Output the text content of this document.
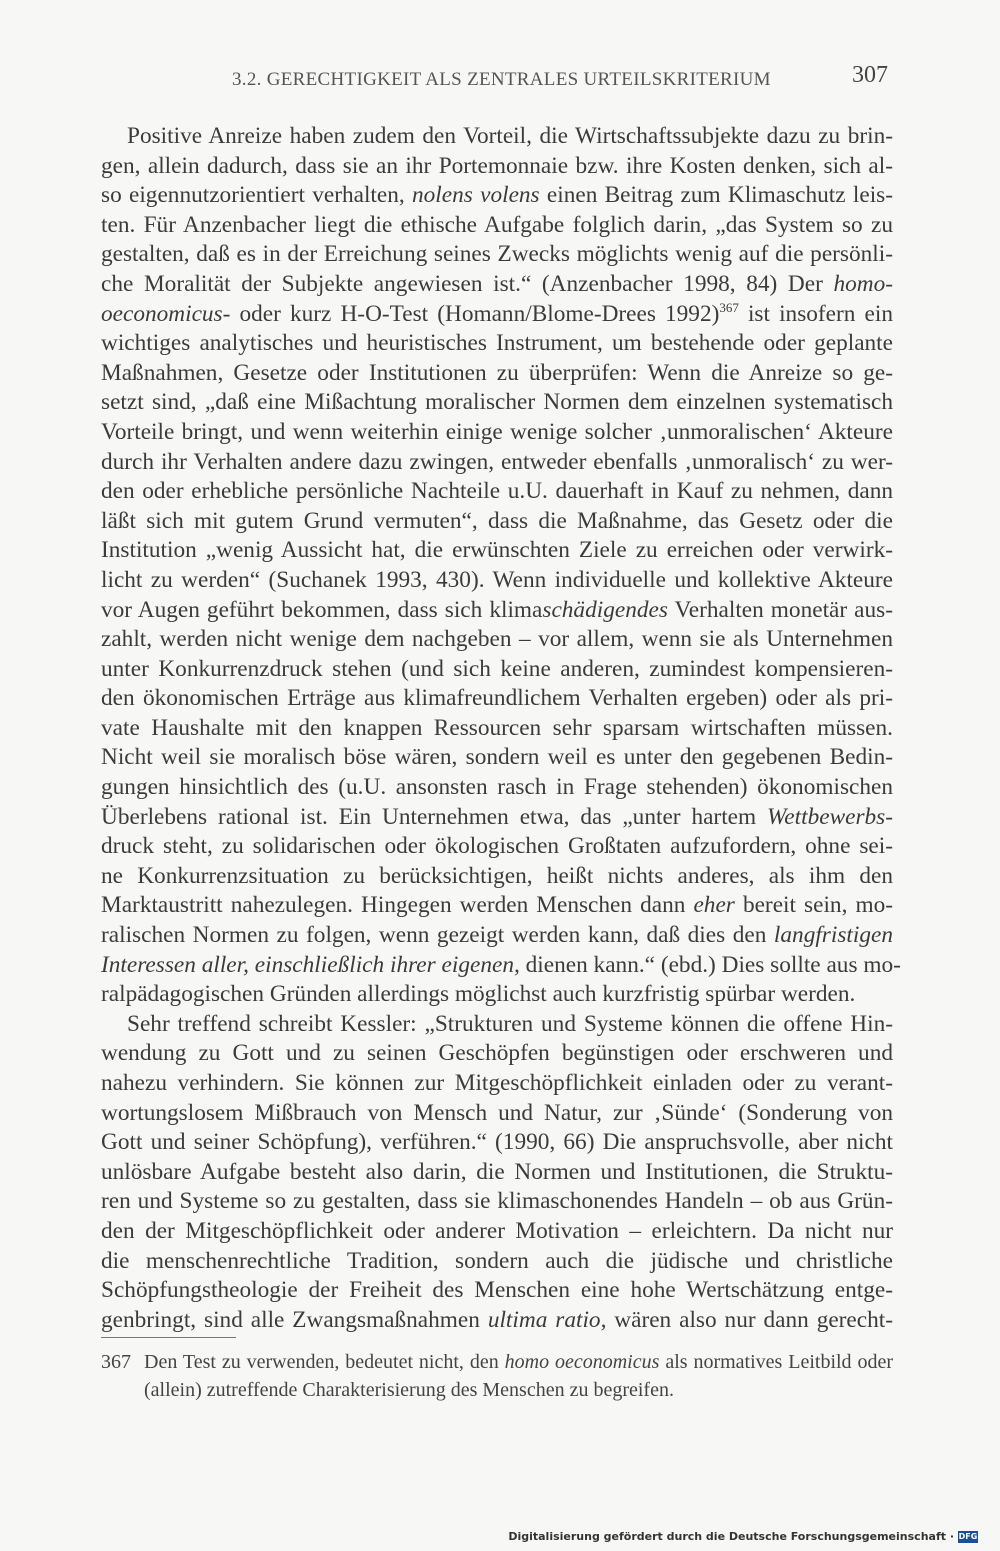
3.2. GERECHTIGKEIT ALS ZENTRALES URTEILSKRITERIUM	307
Positive Anreize haben zudem den Vorteil, die Wirtschaftssubjekte dazu zu brin-
gen, allein dadurch, dass sie an ihr Portemonnaie bzw. ihre Kosten denken, sich al-
so eigennutzorientiert verhalten, nolens volens einen Beitrag zum Klimaschutz leis-
ten. Für Anzenbacher liegt die ethische Aufgabe folglich darin, „das System so zu
gestalten, daß es in der Erreichung seines Zwecks möglichts wenig auf die persönli-
che Moralität der Subjekte angewiesen ist.“ (Anzenbacher 1998, 84) Der homo-
oeconomicus- oder kurz H-O-Test (Homann/Blome-Drees 1992)$^{367}$ ist insofern ein
wichtiges analytisches und heuristisches Instrument, um bestehende oder geplante
Maßnahmen, Gesetze oder Institutionen zu überprüfen: Wenn die Anreize so ge-
setzt sind, „daß eine Mißachtung moralischer Normen dem einzelnen systematisch
Vorteile bringt, und wenn weiterhin einige wenige solcher ‚unmoralischen‘ Akteure
durch ihr Verhalten andere dazu zwingen, entweder ebenfalls ‚unmoralisch‘ zu wer-
den oder erhebliche persönliche Nachteile u.U. dauerhaft in Kauf zu nehmen, dann
läßt sich mit gutem Grund vermuten“, dass die Maßnahme, das Gesetz oder die
Institution „wenig Aussicht hat, die erwünschten Ziele zu erreichen oder verwirk-
licht zu werden“ (Suchanek 1993, 430). Wenn individuelle und kollektive Akteure
vor Augen geführt bekommen, dass sich klimaschädigendes Verhalten monetär aus-
zahlt, werden nicht wenige dem nachgeben – vor allem, wenn sie als Unternehmen
unter Konkurrenzdruck stehen (und sich keine anderen, zumindest kompensieren-
den ökonomischen Erträge aus klimafreundlichem Verhalten ergeben) oder als pri-
vate Haushalte mit den knappen Ressourcen sehr sparsam wirtschaften müssen.
Nicht weil sie moralisch böse wären, sondern weil es unter den gegebenen Bedin-
gungen hinsichtlich des (u.U. ansonsten rasch in Frage stehenden) ökonomischen
Überlebens rational ist. Ein Unternehmen etwa, das „unter hartem Wettbewerbs-
druck steht, zu solidarischen oder ökologischen Großtaten aufzufordern, ohne sei-
ne Konkurrenzsituation zu berücksichtigen, heißt nichts anderes, als ihm den
Marktaustritt nahezulegen. Hingegen werden Menschen dann eher bereit sein, mo-
ralischen Normen zu folgen, wenn gezeigt werden kann, daß dies den langfristigen
Interessen aller, einschließlich ihrer eigenen, dienen kann.“ (ebd.) Dies sollte aus mo-
ralpädagogischen Gründen allerdings möglichst auch kurzfristig spürbar werden.
Sehr treffend schreibt Kessler: „Strukturen und Systeme können die offene Hin-
wendung zu Gott und zu seinen Geschöpfen begünstigen oder erschweren und
nahezu verhindern. Sie können zur Mitgeschöpflichkeit einladen oder zu verant-
wortungslosem Mißbrauch von Mensch und Natur, zur ‚Sünde‘ (Sonderung von
Gott und seiner Schöpfung), verführen.“ (1990, 66) Die anspruchsvolle, aber nicht
unlösbare Aufgabe besteht also darin, die Normen und Institutionen, die Struktu-
ren und Systeme so zu gestalten, dass sie klimaschonendes Handeln – ob aus Grün-
den der Mitgeschöpflichkeit oder anderer Motivation – erleichtern. Da nicht nur
die menschenrechtliche Tradition, sondern auch die jüdische und christliche
Schöpfungstheologie der Freiheit des Menschen eine hohe Wertschätzung entge-
genbringt, sind alle Zwangsmaßnahmen ultima ratio, wären also nur dann gerecht-
367 Den Test zu verwenden, bedeutet nicht, den homo oeconomicus als normatives Leitbild oder
(allein) zutreffende Charakterisierung des Menschen zu begreifen.
Digitalisierung gefördert durch die Deutsche Forschungsgemeinschaft · DFG
